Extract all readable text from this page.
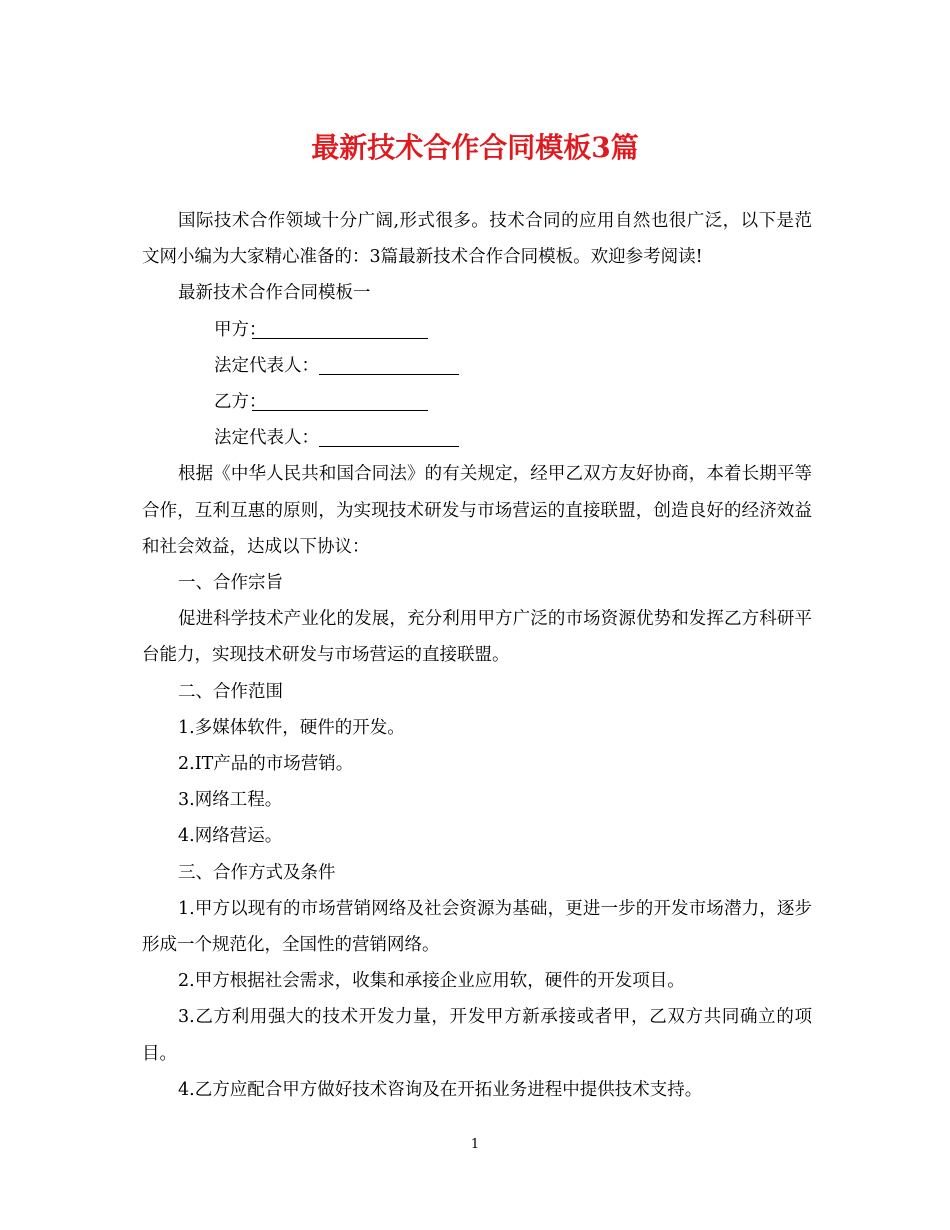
最新技术合作合同模板3篇

国际技术合作领域十分广阔,形式很多。技术合同的应用自然也很广泛，以下是范文网小编为大家精心准备的：3篇最新技术合作合同模板。欢迎参考阅读!

最新技术合作合同模板一

甲方：

法定代表人：

乙方：

法定代表人：

根据《中华人民共和国合同法》的有关规定，经甲乙双方友好协商，本着长期平等合作，互利互惠的原则，为实现技术研发与市场营运的直接联盟，创造良好的经济效益和社会效益，达成以下协议：

一、合作宗旨

促进科学技术产业化的发展，充分利用甲方广泛的市场资源优势和发挥乙方科研平台能力，实现技术研发与市场营运的直接联盟。

二、合作范围

1.多媒体软件，硬件的开发。

2.IT产品的市场营销。

3.网络工程。

4.网络营运。

三、合作方式及条件

1.甲方以现有的市场营销网络及社会资源为基础，更进一步的开发市场潜力，逐步形成一个规范化，全国性的营销网络。

2.甲方根据社会需求，收集和承接企业应用软，硬件的开发项目。

3.乙方利用强大的技术开发力量，开发甲方新承接或者甲，乙双方共同确立的项目。

4.乙方应配合甲方做好技术咨询及在开拓业务进程中提供技术支持。

1
